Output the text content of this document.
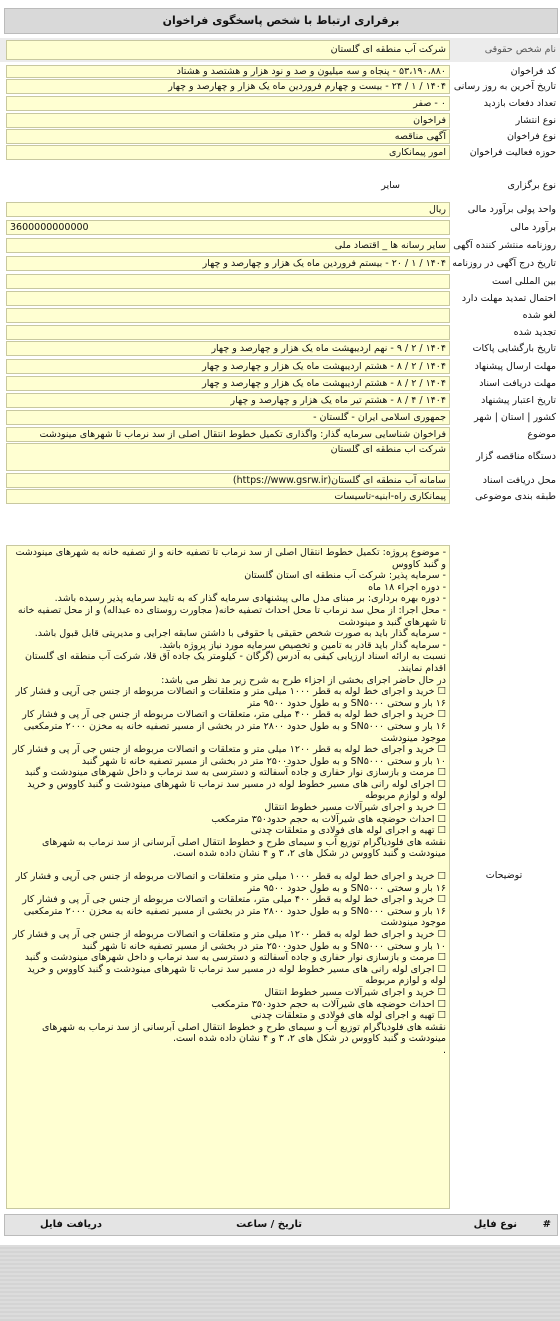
برقراری ارتباط با شخص پاسخگوی فراخوان
نام شخص حقوقی
شرکت آب منطقه ای گلستان
کد فراخوان
۵۳،۱۹۰،۸۸۰ - پنجاه و سه میلیون و صد و نود هزار و هشتصد و هشتاد
تاریخ آخرین به روز رسانی
۱۴۰۴ / ۱ / ۲۴ - بیست و چهارم فروردین ماه یک هزار و چهارصد و چهار
تعداد دفعات بازدید
۰ - صفر
نوع انتشار
فراخوان
نوع فراخوان
آگهی مناقصه
حوزه فعالیت فراخوان
امور پیمانکاری
نوع برگزاری
سایر
واحد پولی برآورد مالی
ریال
برآورد مالی
3600000000000
روزنامه منتشر کننده آگهی
سایر رسانه ها _ اقتصاد ملی
تاریخ درج آگهی در روزنامه
۱۴۰۴ / ۱ / ۲۰ - بیستم فروردین ماه یک هزار و چهارصد و چهار
بین المللی است
احتمال تمدید مهلت دارد
لغو شده
تجدید شده
تاریخ بارگشایی پاکات
۱۴۰۴ / ۲ / ۹ - نهم اردیبهشت ماه یک هزار و چهارصد و چهار
مهلت ارسال پیشنهاد
۱۴۰۴ / ۲ / ۸ - هشتم اردیبهشت ماه یک هزار و چهارصد و چهار
مهلت دریافت اسناد
۱۴۰۴ / ۲ / ۸ - هشتم اردیبهشت ماه یک هزار و چهارصد و چهار
تاریخ اعتبار پیشنهاد
۱۴۰۴ / ۴ / ۸ - هشتم تیر ماه یک هزار و چهارصد و چهار
کشور | استان | شهر
جمهوری اسلامی ایران - گلستان -
موضوع
فراخوان شناسایی سرمایه گذار: واگذاری تکمیل خطوط انتقال اصلی از سد نرماب تا شهرهای مینودشت
دستگاه مناقصه گزار
شرکت آب منطقه ای گلستان
محل دریافت اسناد
سامانه آب منطقه ای گلستان(https://www.gsrw.ir)
طبقه بندی موضوعی
پیمانکاری راه-ابنیه-تاسیسات
- موضوع پروژه: تکمیل خطوط انتقال اصلی از سد نرماب تا تصفیه خانه و از تصفیه خانه به شهرهای مینودشت و گنبد کاووس
- سرمایه پذیر: شرکت آب منطقه ای استان گلستان
- دوره اجراء ۱۸ ماه
- دوره بهره برداری: بر مبنای مدل مالی پیشنهادی سرمایه گذار که به تایید سرمایه پذیر رسیده باشد.
- محل اجرا: از محل سد نرماب تا محل احداث تصفیه خانه( مجاورت روستای ده عبداله) و از محل تصفیه خانه تا شهرهای گنبد و مینودشت
- سرمایه گذار باید به صورت شخص حقیقی یا حقوقی با داشتن سابقه اجرایی و مدیریتی قابل قبول باشد.
- سرمایه گذار باید قادر به تامین و تخصیص سرمایه مورد نیاز پروژه باشد.
نسبت به ارائه اسناد ارزیابی کیفی به آدرس (گرگان - کیلومتر یک جاده آق قلا، شرکت آب منطقه ای گلستان اقدام نمایند.
در حال حاضر اجرای بخشی از اجزاء طرح به شرح زیر مد نظر می باشد:
☐ خرید و اجرای خط لوله به قطر ۱۰۰۰ میلی متر و متعلقات و اتصالات مربوطه از جنس جی آرپی و فشار کار ۱۶ بار و سختی SN۵۰۰۰ و به طول حدود ۹۵۰۰ متر
☐ خرید و اجرای خط لوله به قطر ۴۰۰ میلی متر، متعلقات و اتصالات مربوطه از جنس جی آر پی و فشار کار ۱۶ بار و سختی SN۵۰۰۰ و به طول حدود ۲۸۰۰ متر در بخشی از مسیر تصفیه خانه به مخزن ۲۰۰۰ مترمکعبی موجود مینودشت
☐ خرید و اجرای خط لوله به قطر ۱۲۰۰ میلی متر و متعلقات و اتصالات مربوطه از جنس جی آر پی و فشار کار ۱۰ بار و سختی SN۵۰۰۰ و به طول حدود۲۵۰۰ متر در بخشی از مسیر تصفیه خانه تا شهر گنبد
☐ مرمت و بازسازی نوار حفاری و جاده آسفالته و دسترسی به سد نرماب و داخل شهرهای مینودشت و گنبد
☐ اجرای لوله رانی های مسیر خطوط لوله در مسیر سد نرماب تا شهرهای مینودشت و گنبد کاووس و خرید لوله و لوازم مربوطه
☐ خرید و اجرای شیرآلات مسیر خطوط انتقال
☐ احداث حوضچه های شیرآلات به حجم حدود۳۵۰ مترمکعب
☐ تهیه و اجرای لوله های فولادی و متعلقات چدنی
نقشه های فلودیاگرام توزیع آب و سیمای طرح و خطوط انتقال اصلی آبرسانی از سد نرماب به شهرهای مینودشت و گنبد کاووس در شکل های ۲، ۳ و ۴ نشان داده شده است.
☐ خرید و اجرای خط لوله به قطر ۱۰۰۰ میلی متر و متعلقات و اتصالات مربوطه از جنس جی آرپی و فشار کار ۱۶ بار و سختی SN۵۰۰۰ و به طول حدود ۹۵۰۰ متر
☐ خرید و اجرای خط لوله به قطر ۴۰۰ میلی متر، متعلقات و اتصالات مربوطه از جنس جی آر پی و فشار کار ۱۶ بار و سختی SN۵۰۰۰ و به طول حدود ۲۸۰۰ متر در بخشی از مسیر تصفیه خانه به مخزن ۲۰۰۰ مترمکعبی موجود مینودشت
☐ خرید و اجرای خط لوله به قطر ۱۲۰۰ میلی متر و متعلقات و اتصالات مربوطه از جنس جی آر پی و فشار کار ۱۰ بار و سختی SN۵۰۰۰ و به طول حدود۲۵۰۰ متر در بخشی از مسیر تصفیه خانه تا شهر گنبد
☐ مرمت و بازسازی نوار حفاری و جاده آسفالته و دسترسی به سد نرماب و داخل شهرهای مینودشت و گنبد
☐ اجرای لوله رانی های مسیر خطوط لوله در مسیر سد نرماب تا شهرهای مینودشت و گنبد کاووس و خرید لوله و لوازم مربوطه
☐ خرید و اجرای شیرآلات مسیر خطوط انتقال
☐ احداث حوضچه های شیرآلات به حجم حدود۳۵۰ مترمکعب
☐ تهیه و اجرای لوله های فولادی و متعلقات چدنی
نقشه های فلودیاگرام توزیع آب و سیمای طرح و خطوط انتقال اصلی آبرسانی از سد نرماب به شهرهای مینودشت و گنبد کاووس در شکل های ۲، ۳ و ۴ نشان داده شده است.
.
#
نوع فایل
تاریخ / ساعت
دریافت فایل
توضیحات
